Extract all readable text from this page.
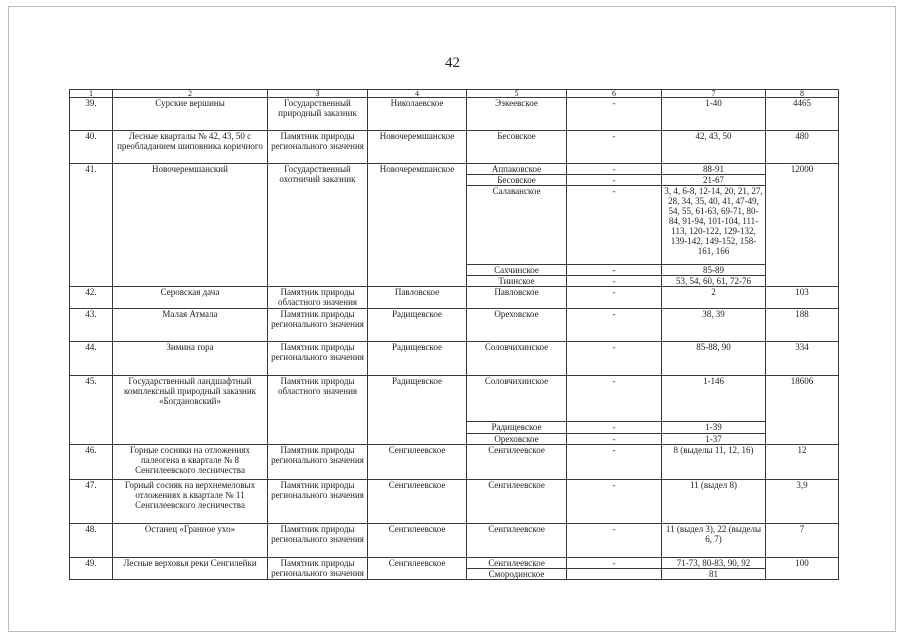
42
1	2	3	4	5	6	7	8
39.	Сурские вершины	Государственный природный заказник	Николаевское	Ээкеевское	-	1-40	4465
40.	Лесные кварталы № 42, 43, 50 с преобладанием шиповника коричного	Памятник природы регионального значения	Новочеремшанское	Бесовское	-	42, 43, 50	480
41.	Новочеремшанский	Государственный охотничий заказник	Новочеремшанское	Аппаковское	-	88-91	12000
				Бесовское	-	21-67	
				Салаванское	-	3, 4, 6-8, 12-14, 20, 21, 27, 28, 34, 35, 40, 41, 47-49, 54, 55, 61-63, 69-71, 80-84, 91-94, 101-104, 111-113, 120-122, 129-132, 139-142, 149-152, 158-161, 166	
				Сахчинское	-	85-89	
				Тиинское	-	53, 54, 60, 61, 72-76	
42.	Серовская дача	Памятник природы областного значения	Павловское	Павловское	-	2	103
43.	Малая Атмала	Памятник природы регионального значения	Радищевское	Ореховское	-	38, 39	188
44.	Зимина гора	Памятник природы регионального значения	Радищевское	Соловчихинское	-	85-88, 90	334
45.	Государственный ландшафтный комплексный природный заказник «Богдановский»	Памятник природы областного значения	Радищевское	Соловчихинское	-	1-146	18606
				Радищевское	-	1-39	
				Ореховское	-	1-37	
46.	Горные сосняки на отложениях палеогена в квартале № 8 Сенгилеевского лесничества	Памятник природы регионального значения	Сенгилеевское	Сенгилеевское	-	8 (выделы 11, 12, 16)	12
47.	Горный сосняк на верхнемеловых отложениях в квартале № 11 Сенгилеевского лесничества	Памятник природы регионального значения	Сенгилеевское	Сенгилеевское	-	11 (выдел 8)	3,9
48.	Останец «Гранное ухо»	Памятник природы регионального значения	Сенгилеевское	Сенгилеевское	-	11 (выдел 3), 22 (выделы 6, 7)	7
49.	Лесные верховья реки Сенгилейки	Памятник природы регионального значения	Сенгилеевское	Сенгилеевское	-	71-73, 80-83, 90, 92	100
				Смородинское		81	
